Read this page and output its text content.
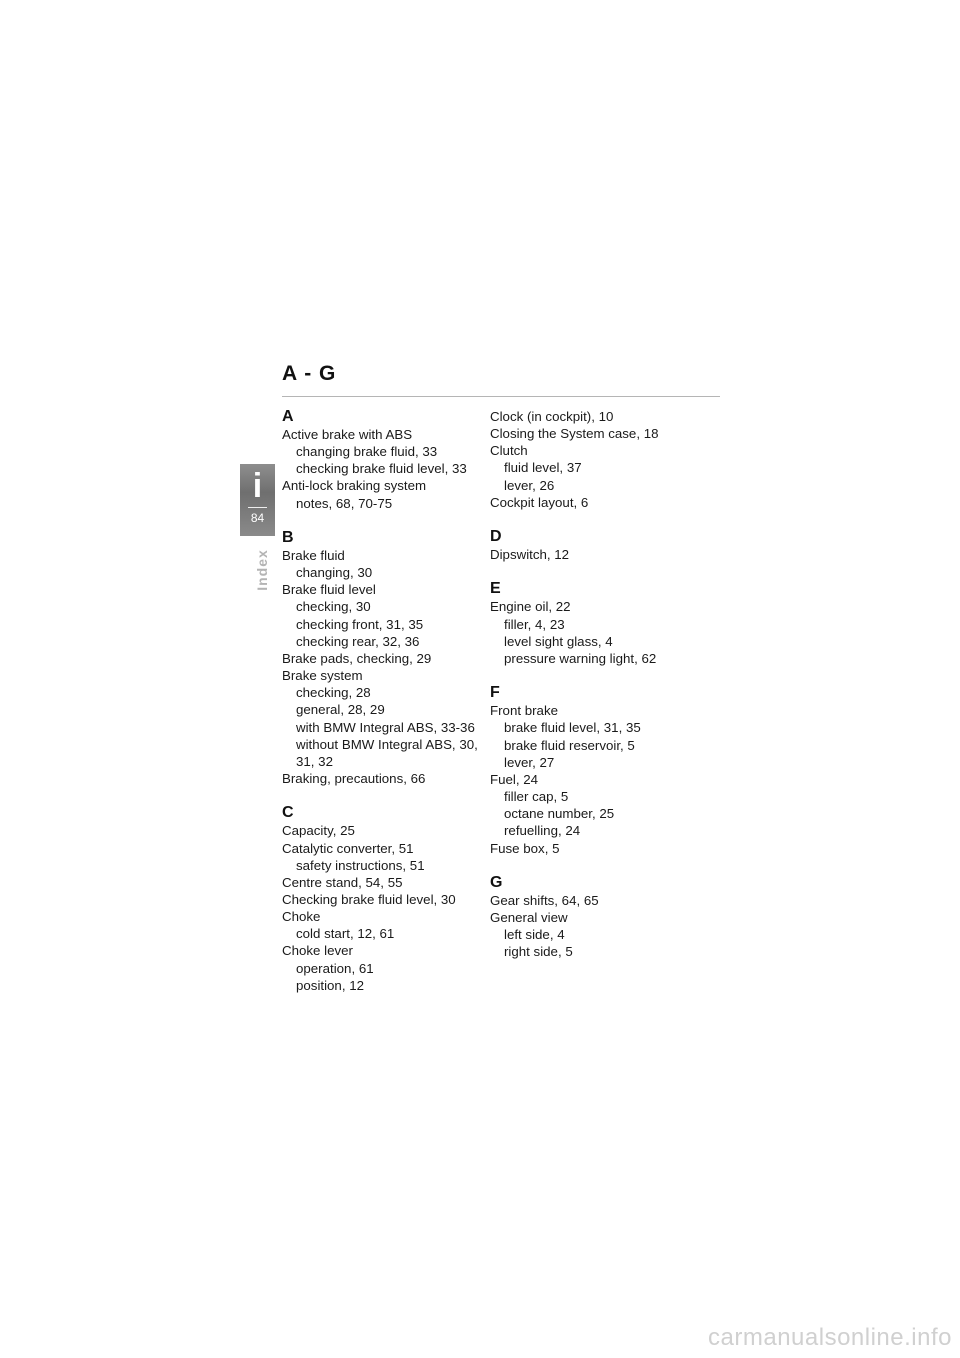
A - G
i
84
Index
A
Active brake with ABS
changing brake fluid, 33
checking brake fluid level, 33
Anti-lock braking system
notes, 68, 70-75
B
Brake fluid
changing, 30
Brake fluid level
checking, 30
checking front, 31, 35
checking rear, 32, 36
Brake pads, checking, 29
Brake system
checking, 28
general, 28, 29
with BMW Integral ABS, 33-36
without BMW Integral ABS, 30,
31, 32
Braking, precautions, 66
C
Capacity, 25
Catalytic converter, 51
safety instructions, 51
Centre stand, 54, 55
Checking brake fluid level, 30
Choke
cold start, 12, 61
Choke lever
operation, 61
position, 12
Clock (in cockpit), 10
Closing the System case, 18
Clutch
fluid level, 37
lever, 26
Cockpit layout, 6
D
Dipswitch, 12
E
Engine oil, 22
filler, 4, 23
level sight glass, 4
pressure warning light, 62
F
Front brake
brake fluid level, 31, 35
brake fluid reservoir, 5
lever, 27
Fuel, 24
filler cap, 5
octane number, 25
refuelling, 24
Fuse box, 5
G
Gear shifts, 64, 65
General view
left side, 4
right side, 5
carmanualsonline.info
